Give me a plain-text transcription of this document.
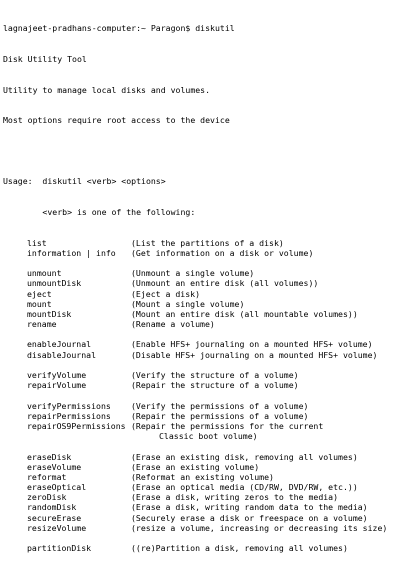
lagnajeet-pradhans-computer:~ Paragon$ diskutil

Disk Utility Tool

Utility to manage local disks and volumes.

Most options require root access to the device

Usage:  diskutil <verb> <options>

<verb> is one of the following:

list	(List the partitions of a disk)
information | info (Get information on a disk or volume)
unmount	(Unmount a single volume)
unmountDisk	(Unmount an entire disk (all volumes))
eject	(Eject a disk)
mount	(Mount a single volume)
mountDisk	(Mount an entire disk (all mountable volumes))
rename	(Rename a volume)
enableJournal	(Enable HFS+ journaling on a mounted HFS+ volume)
disableJournal	(Disable HFS+ journaling on a mounted HFS+ volume)
verifyVolume	(Verify the structure of a volume)
repairVolume	(Repair the structure of a volume)
verifyPermissions (Verify the permissions of a volume)
repairPermissions (Repair the permissions of a volume)
repairOS9Permissions (Repair the permissions for the current
Classic boot volume)
eraseDisk	(Erase an existing disk, removing all volumes)
eraseVolume	(Erase an existing volume)
reformat	(Reformat an existing volume)
eraseOptical	(Erase an optical media (CD/RW, DVD/RW, etc.))
zeroDisk	(Erase a disk, writing zeros to the media)
randomDisk	(Erase a disk, writing random data to the media)
secureErase	(Securely erase a disk or freespace on a volume)
resizeVolume	(resize a volume, increasing or decreasing its size)
partitionDisk	((re)Partition a disk, removing all volumes)
